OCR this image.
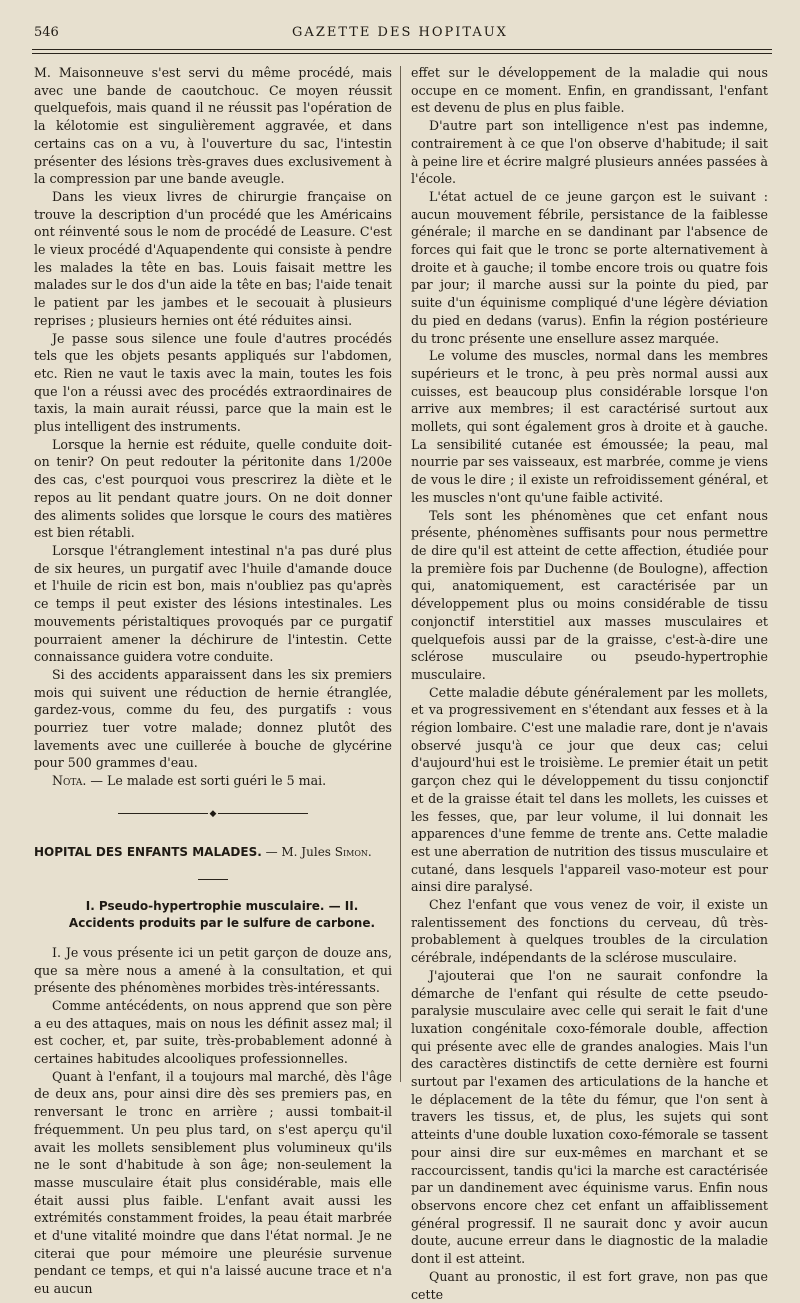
546	GAZETTE DES HOPITAUX

M. Maisonneuve s'est servi du même procédé, mais avec une bande de caoutchouc. Ce moyen réussit quelquefois, mais quand il ne réussit pas l'opération de la kélotomie est singulièrement aggravée, et dans certains cas on a vu, à l'ouverture du sac, l'intestin présenter des lésions très-graves dues exclusivement à la compression par une bande aveugle.

Dans les vieux livres de chirurgie française on trouve la description d'un procédé que les Américains ont réinventé sous le nom de procédé de Leasure. C'est le vieux procédé d'Aquapendente qui consiste à pendre les malades la tête en bas. Louis faisait mettre les malades sur le dos d'un aide la tête en bas; l'aide tenait le patient par les jambes et le secouait à plusieurs reprises ; plusieurs hernies ont été réduites ainsi.

Je passe sous silence une foule d'autres procédés tels que les objets pesants appliqués sur l'abdomen, etc. Rien ne vaut le taxis avec la main, toutes les fois que l'on a réussi avec des procédés extraordinaires de taxis, la main aurait réussi, parce que la main est le plus intelligent des instruments.

Lorsque la hernie est réduite, quelle conduite doit-on tenir? On peut redouter la péritonite dans 1/200e des cas, c'est pourquoi vous prescrirez la diète et le repos au lit pendant quatre jours. On ne doit donner des aliments solides que lorsque le cours des matières est bien rétabli.

Lorsque l'étranglement intestinal n'a pas duré plus de six heures, un purgatif avec l'huile d'amande douce et l'huile de ricin est bon, mais n'oubliez pas qu'après ce temps il peut exister des lésions intestinales. Les mouvements péristaltiques provoqués par ce purgatif pourraient amener la déchirure de l'intestin. Cette connaissance guidera votre conduite.

Si des accidents apparaissent dans les six premiers mois qui suivent une réduction de hernie étranglée, gardez-vous, comme du feu, des purgatifs : vous pourriez tuer votre malade; donnez plutôt des lavements avec une cuillerée à bouche de glycérine pour 500 grammes d'eau.

Nota. — Le malade est sorti guéri le 5 mai.

◆
HOPITAL DES ENFANTS MALADES. — M. Jules Simon.
I. Pseudo-hypertrophie musculaire. — II. Accidents produits par le sulfure de carbone.

I. Je vous présente ici un petit garçon de douze ans, que sa mère nous a amené à la consultation, et qui présente des phénomènes morbides très-intéressants.

Comme antécédents, on nous apprend que son père a eu des attaques, mais on nous les définit assez mal; il est cocher, et, par suite, très-probablement adonné à certaines habitudes alcooliques professionnelles.

Quant à l'enfant, il a toujours mal marché, dès l'âge de deux ans, pour ainsi dire dès ses premiers pas, en renversant le tronc en arrière ; aussi tombait-il fréquemment. Un peu plus tard, on s'est aperçu qu'il avait les mollets sensiblement plus volumineux qu'ils ne le sont d'habitude à son âge; non-seulement la masse musculaire était plus considérable, mais elle était aussi plus faible. L'enfant avait aussi les extrémités constamment froides, la peau était marbrée et d'une vitalité moindre que dans l'état normal. Je ne citerai que pour mémoire une pleurésie survenue pendant ce temps, et qui n'a laissé aucune trace et n'a eu aucun

effet sur le développement de la maladie qui nous occupe en ce moment. Enfin, en grandissant, l'enfant est devenu de plus en plus faible.

D'autre part son intelligence n'est pas indemne, contrairement à ce que l'on observe d'habitude; il sait à peine lire et écrire malgré plusieurs années passées à l'école.

L'état actuel de ce jeune garçon est le suivant : aucun mouvement fébrile, persistance de la faiblesse générale; il marche en se dandinant par l'absence de forces qui fait que le tronc se porte alternativement à droite et à gauche; il tombe encore trois ou quatre fois par jour; il marche aussi sur la pointe du pied, par suite d'un équinisme compliqué d'une légère déviation du pied en dedans (varus). Enfin la région postérieure du tronc présente une ensellure assez marquée.

Le volume des muscles, normal dans les membres supérieurs et le tronc, à peu près normal aussi aux cuisses, est beaucoup plus considérable lorsque l'on arrive aux membres; il est caractérisé surtout aux mollets, qui sont également gros à droite et à gauche. La sensibilité cutanée est émoussée; la peau, mal nourrie par ses vaisseaux, est marbrée, comme je viens de vous le dire ; il existe un refroidissement général, et les muscles n'ont qu'une faible activité.

Tels sont les phénomènes que cet enfant nous présente, phénomènes suffisants pour nous permettre de dire qu'il est atteint de cette affection, étudiée pour la première fois par Duchenne (de Boulogne), affection qui, anatomiquement, est caractérisée par un développement plus ou moins considérable de tissu conjonctif interstitiel aux masses musculaires et quelquefois aussi par de la graisse, c'est-à-dire une sclérose musculaire ou pseudo-hypertrophie musculaire.

Cette maladie débute généralement par les mollets, et va progressivement en s'étendant aux fesses et à la région lombaire. C'est une maladie rare, dont je n'avais observé jusqu'à ce jour que deux cas; celui d'aujourd'hui est le troisième. Le premier était un petit garçon chez qui le développement du tissu conjonctif et de la graisse était tel dans les mollets, les cuisses et les fesses, que, par leur volume, il lui donnait les apparences d'une femme de trente ans. Cette maladie est une aberration de nutrition des tissus musculaire et cutané, dans lesquels l'appareil vaso-moteur est pour ainsi dire paralysé.

Chez l'enfant que vous venez de voir, il existe un ralentissement des fonctions du cerveau, dû très-probablement à quelques troubles de la circulation cérébrale, indépendants de la sclérose musculaire.

J'ajouterai que l'on ne saurait confondre la démarche de l'enfant qui résulte de cette pseudo-paralysie musculaire avec celle qui serait le fait d'une luxation congénitale coxo-fémorale double, affection qui présente avec elle de grandes analogies. Mais l'un des caractères distinctifs de cette dernière est fourni surtout par l'examen des articulations de la hanche et le déplacement de la tête du fémur, que l'on sent à travers les tissus, et, de plus, les sujets qui sont atteints d'une double luxation coxo-fémorale se tassent pour ainsi dire sur eux-mêmes en marchant et se raccourcissent, tandis qu'ici la marche est caractérisée par un dandinement avec équinisme varus. Enfin nous observons encore chez cet enfant un affaiblissement général progressif. Il ne saurait donc y avoir aucun doute, aucune erreur dans le diagnostic de la maladie dont il est atteint.

Quant au pronostic, il est fort grave, non pas que cette
